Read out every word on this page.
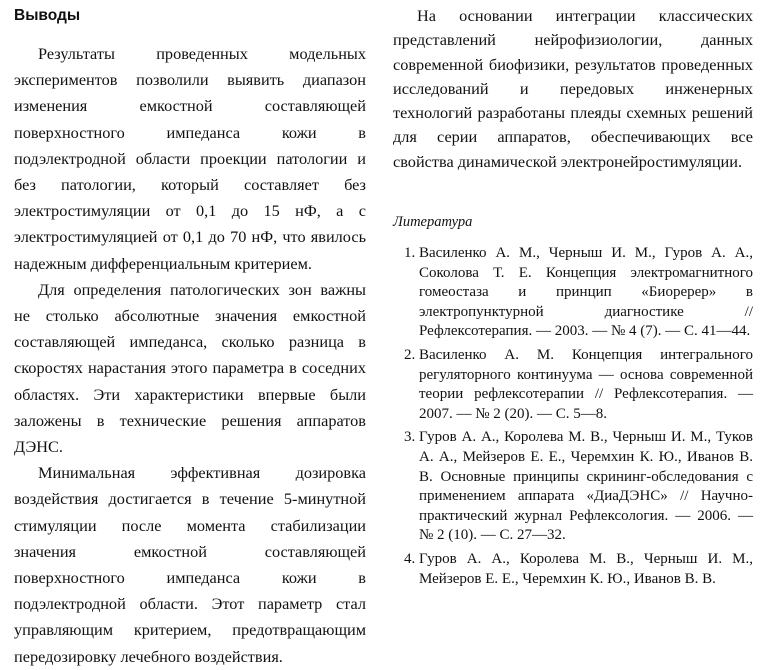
Выводы

Результаты проведенных модельных экспериментов позволили выявить диапазон изменения емкостной составляющей поверхностного импеданса кожи в подэлектродной области проекции патологии и без патологии, который составляет без электростимуляции от 0,1 до 15 нФ, а с электростимуляцией от 0,1 до 70 нФ, что явилось надежным дифференциальным критерием.

Для определения патологических зон важны не столько абсолютные значения емкостной составляющей импеданса, сколько разница в скоростях нарастания этого параметра в соседних областях. Эти характеристики впервые были заложены в технические решения аппаратов ДЭНС.

Минимальная эффективная дозировка воздействия достигается в течение 5-минутной стимуляции после момента стабилизации значения емкостной составляющей поверхностного импеданса кожи в подэлектродной области. Этот параметр стал управляющим критерием, предотвращающим передозировку лечебного воздействия.

На основании интеграции классических представлений нейрофизиологии, данных современной биофизики, результатов проведенных исследований и передовых инженерных технологий разработаны плеяды схемных решений для серии аппаратов, обеспечивающих все свойства динамической электронейростимуляции.

Литература
1. Василенко А. М., Черныш И. М., Гуров А. А., Соколова Т. Е. Концепция электромагнитного гомеостаза и принцип «Биоререр» в электропунктурной диагностике // Рефлексотерапия. — 2003. — № 4 (7). — С. 41—44.
2. Василенко А. М. Концепция интегрального регуляторного континуума — основа современной теории рефлексотерапии // Рефлексотерапия. — 2007. — № 2 (20). — С. 5—8.
3. Гуров А. А., Королева М. В., Черныш И. М., Туков А. А., Мейзеров Е. Е., Черемхин К. Ю., Иванов В. В. Основные принципы скрининг-обследования с применением аппарата «ДиаДЭНС» // Научно-практический журнал Рефлексология. — 2006. — № 2 (10). — С. 27—32.
4. Гуров А. А., Королева М. В., Черныш И. М., Мейзеров Е. Е., Черемхин К. Ю., Иванов В. В.
